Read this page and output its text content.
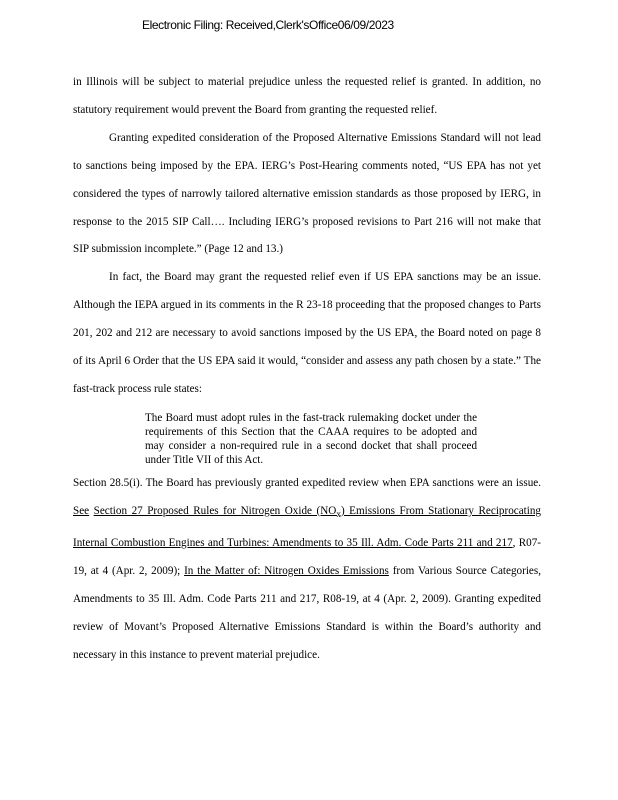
Electronic Filing: Received,Clerk'sOffice06/09/2023

in Illinois will be subject to material prejudice unless the requested relief is granted. In addition, no statutory requirement would prevent the Board from granting the requested relief.

Granting expedited consideration of the Proposed Alternative Emissions Standard will not lead to sanctions being imposed by the EPA. IERG’s Post-Hearing comments noted, “US EPA has not yet considered the types of narrowly tailored alternative emission standards as those proposed by IERG, in response to the 2015 SIP Call…. Including IERG’s proposed revisions to Part 216 will not make that SIP submission incomplete.” (Page 12 and 13.)

In fact, the Board may grant the requested relief even if US EPA sanctions may be an issue. Although the IEPA argued in its comments in the R 23-18 proceeding that the proposed changes to Parts 201, 202 and 212 are necessary to avoid sanctions imposed by the US EPA, the Board noted on page 8 of its April 6 Order that the US EPA said it would, “consider and assess any path chosen by a state.” The fast-track process rule states:

The Board must adopt rules in the fast-track rulemaking docket under the requirements of this Section that the CAAA requires to be adopted and may consider a non-required rule in a second docket that shall proceed under Title VII of this Act.

Section 28.5(i). The Board has previously granted expedited review when EPA sanctions were an issue. See Section 27 Proposed Rules for Nitrogen Oxide $(NO_x)$ Emissions From Stationary Reciprocating Internal Combustion Engines and Turbines: Amendments to 35 Ill. Adm. Code Parts 211 and 217, R07-19, at 4 (Apr. 2, 2009); In the Matter of: Nitrogen Oxides Emissions from Various Source Categories, Amendments to 35 Ill. Adm. Code Parts 211 and 217, R08-19, at 4 (Apr. 2, 2009). Granting expedited review of Movant’s Proposed Alternative Emissions Standard is within the Board’s authority and necessary in this instance to prevent material prejudice.
